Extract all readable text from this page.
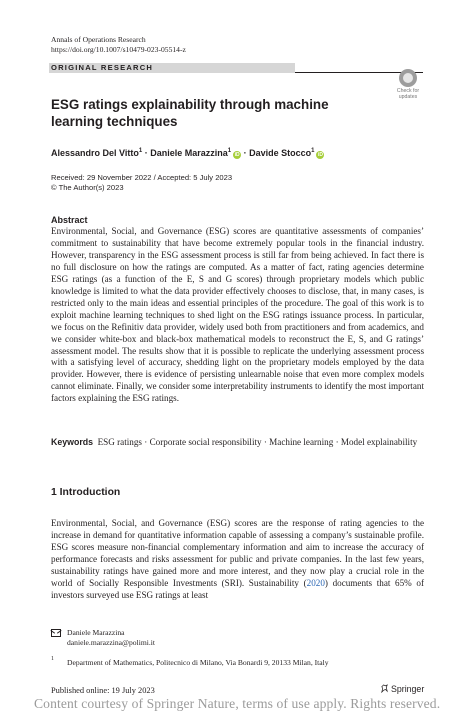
Annals of Operations Research
https://doi.org/10.1007/s10479-023-05514-z
ORIGINAL RESEARCH
Check for
updates
ESG ratings explainability through machine learning techniques
Alessandro Del Vitto$^1$ · Daniele Marazzina$^1$iD · Davide Stocco$^1$iD
Received: 29 November 2022 / Accepted: 5 July 2023
© The Author(s) 2023
Abstract
Environmental, Social, and Governance (ESG) scores are quantitative assessments of companies’ commitment to sustainability that have become extremely popular tools in the financial industry. However, transparency in the ESG assessment process is still far from being achieved. In fact there is no full disclosure on how the ratings are computed. As a matter of fact, rating agencies determine ESG ratings (as a function of the E, S and G scores) through proprietary models which public knowledge is limited to what the data provider effectively chooses to disclose, that, in many cases, is restricted only to the main ideas and essential principles of the procedure. The goal of this work is to exploit machine learning techniques to shed light on the ESG ratings issuance process. In particular, we focus on the Refinitiv data provider, widely used both from practitioners and from academics, and we consider white-box and black-box mathematical models to reconstruct the E, S, and G ratings’ assessment model. The results show that it is possible to replicate the underlying assessment process with a satisfying level of accuracy, shedding light on the proprietary models employed by the data provider. However, there is evidence of persisting unlearnable noise that even more complex models cannot eliminate. Finally, we consider some interpretability instruments to identify the most important factors explaining the ESG ratings.
Keywords ESG ratings · Corporate social responsibility · Machine learning · Model explainability
1 Introduction
Environmental, Social, and Governance (ESG) scores are the response of rating agencies to the increase in demand for quantitative information capable of assessing a company’s sustainable profile. ESG scores measure non-financial complementary information and aim to increase the accuracy of performance forecasts and risks assessment for public and private companies. In the last few years, sustainability ratings have gained more and more interest, and they now play a crucial role in the world of Socially Responsible Investments (SRI). Sustainability (2020) documents that 65% of investors surveyed use ESG ratings at least
Daniele Marazzina
daniele.marazzina@polimi.it
1 Department of Mathematics, Politecnico di Milano, Via Bonardi 9, 20133 Milan, Italy
Published online: 19 July 2023	Springer
Content courtesy of Springer Nature, terms of use apply. Rights reserved.
